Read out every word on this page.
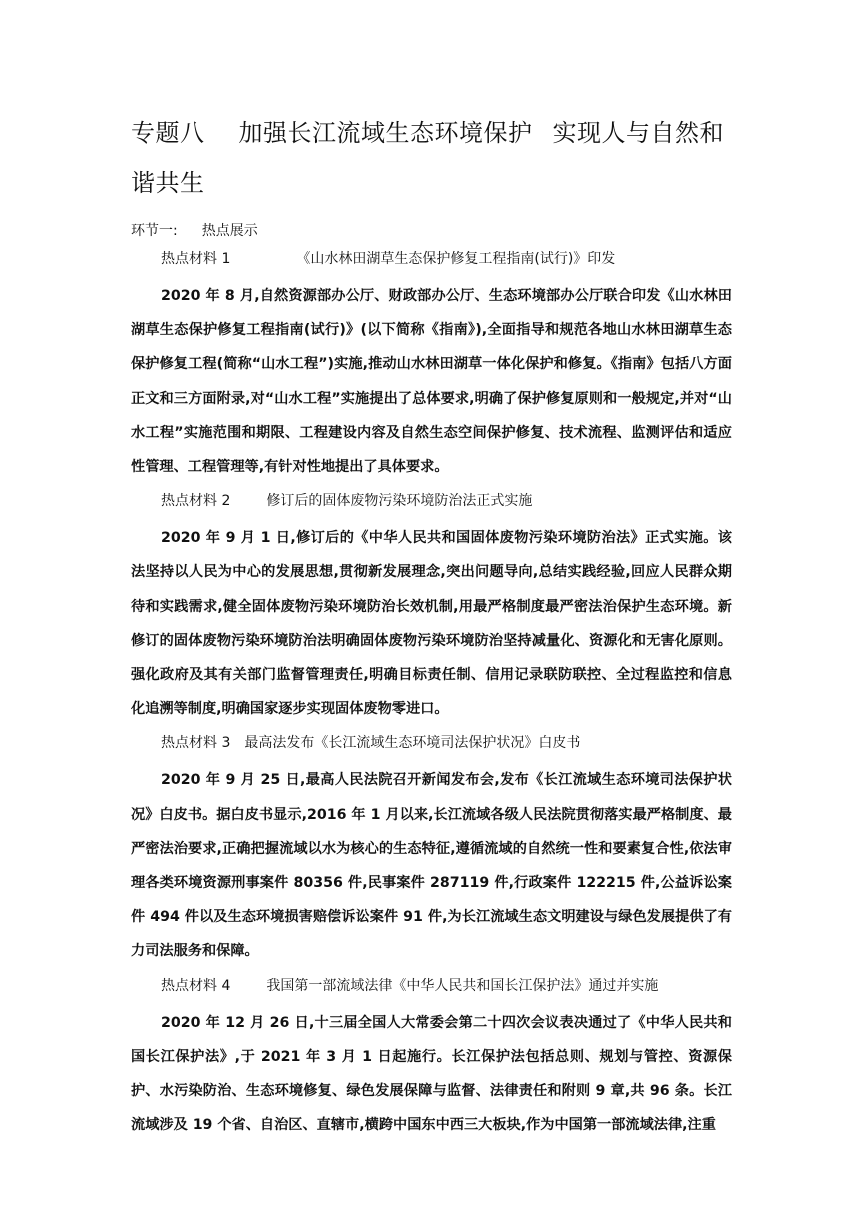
专题八 加强长江流域生态环境保护 实现人与自然和谐共生
环节一: 热点展示
热点材料 1	《山水林田湖草生态保护修复工程指南(试行)》印发

2020 年 8 月,自然资源部办公厅、财政部办公厅、生态环境部办公厅联合印发《山水林田湖草生态保护修复工程指南(试行)》(以下简称《指南》),全面指导和规范各地山水林田湖草生态保护修复工程(简称“山水工程”)实施,推动山水林田湖草一体化保护和修复。《指南》包括八方面正文和三方面附录,对“山水工程”实施提出了总体要求,明确了保护修复原则和一般规定,并对“山水工程”实施范围和期限、工程建设内容及自然生态空间保护修复、技术流程、监测评估和适应性管理、工程管理等,有针对性地提出了具体要求。

热点材料 2	修订后的固体废物污染环境防治法正式实施

2020 年 9 月 1 日,修订后的《中华人民共和国固体废物污染环境防治法》正式实施。该法坚持以人民为中心的发展思想,贯彻新发展理念,突出问题导向,总结实践经验,回应人民群众期待和实践需求,健全固体废物污染环境防治长效机制,用最严格制度最严密法治保护生态环境。新修订的固体废物污染环境防治法明确固体废物污染环境防治坚持减量化、资源化和无害化原则。强化政府及其有关部门监督管理责任,明确目标责任制、信用记录联防联控、全过程监控和信息化追溯等制度,明确国家逐步实现固体废物零进口。

热点材料 3 最高法发布《长江流域生态环境司法保护状况》白皮书

2020 年 9 月 25 日,最高人民法院召开新闻发布会,发布《长江流域生态环境司法保护状况》白皮书。据白皮书显示,2016 年 1 月以来,长江流域各级人民法院贯彻落实最严格制度、最严密法治要求,正确把握流域以水为核心的生态特征,遵循流域的自然统一性和要素复合性,依法审理各类环境资源刑事案件 80356 件,民事案件 287119 件,行政案件 122215 件,公益诉讼案件 494 件以及生态环境损害赔偿诉讼案件 91 件,为长江流域生态文明建设与绿色发展提供了有力司法服务和保障。

热点材料 4	我国第一部流域法律《中华人民共和国长江保护法》通过并实施

2020 年 12 月 26 日,十三届全国人大常委会第二十四次会议表决通过了《中华人民共和国长江保护法》,于 2021 年 3 月 1 日起施行。长江保护法包括总则、规划与管控、资源保护、水污染防治、生态环境修复、绿色发展保障与监督、法律责任和附则 9 章,共 96 条。长江流域涉及 19 个省、自治区、直辖市,横跨中国东中西三大板块,作为中国第一部流域法律,注重
